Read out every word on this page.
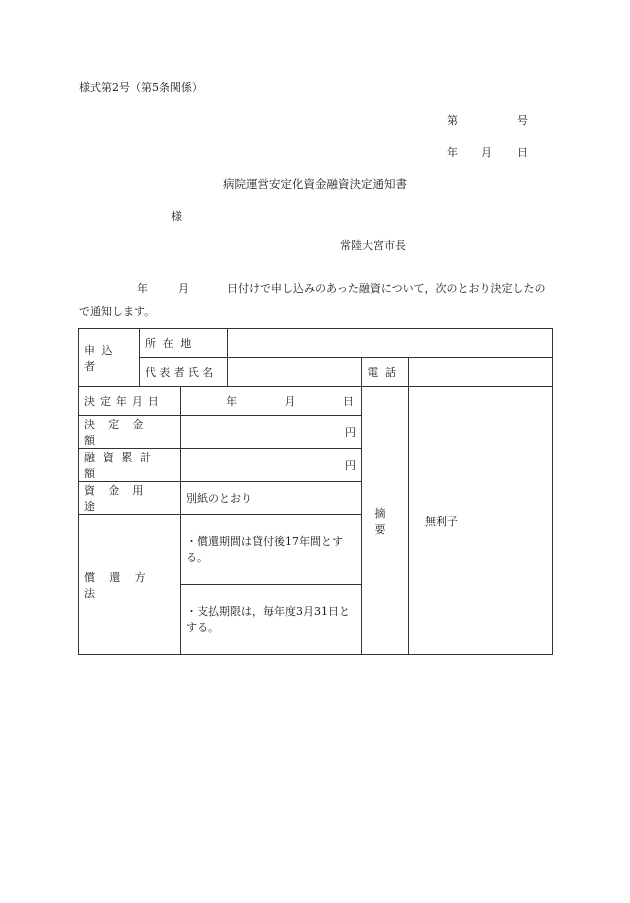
様式第2号（第5条関係）
第	号
年 月 日
病院運営安定化資金融資決定通知書
様
常陸大宮市長
年	月	日付けで申し込みのあった融資について，次のとおり決定したので通知します。
申込者	所在地				
	代表者氏名			電話	
決定年月日		年 月 日		摘要	無利子
決定金額		円			
融資累計額		円			
資金用途		別紙のとおり			
償還方法		・償還期間は貸付後17年間とする。			
		・支払期限は，毎年度3月31日とする。			
